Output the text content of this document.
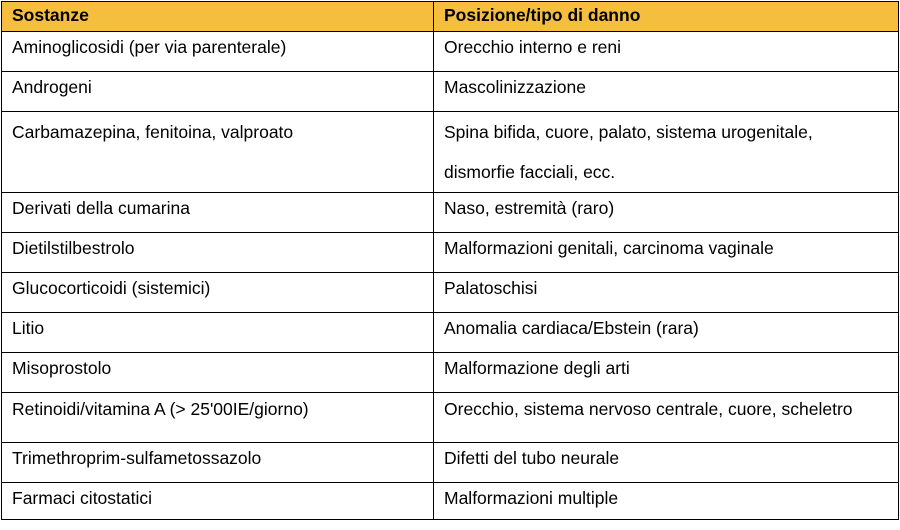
Sostanze	Posizione/tipo di danno
Aminoglicosidi (per via parenterale)	Orecchio interno e reni
Androgeni	Mascolinizzazione
Carbamazepina, fenitoina, valproato	Spina bifida, cuore, palato, sistema urogenitale, dismorfie facciali, ecc.
Derivati della cumarina	Naso, estremità (raro)
Dietilstilbestrolo	Malformazioni genitali, carcinoma vaginale
Glucocorticoidi (sistemici)	Palatoschisi
Litio	Anomalia cardiaca/Ebstein (rara)
Misoprostolo	Malformazione degli arti
Retinoidi/vitamina A (> 25'00IE/giorno)	Orecchio, sistema nervoso centrale, cuore, scheletro
Trimethroprim-sulfametossazolo	Difetti del tubo neurale
Farmaci citostatici	Malformazioni multiple
